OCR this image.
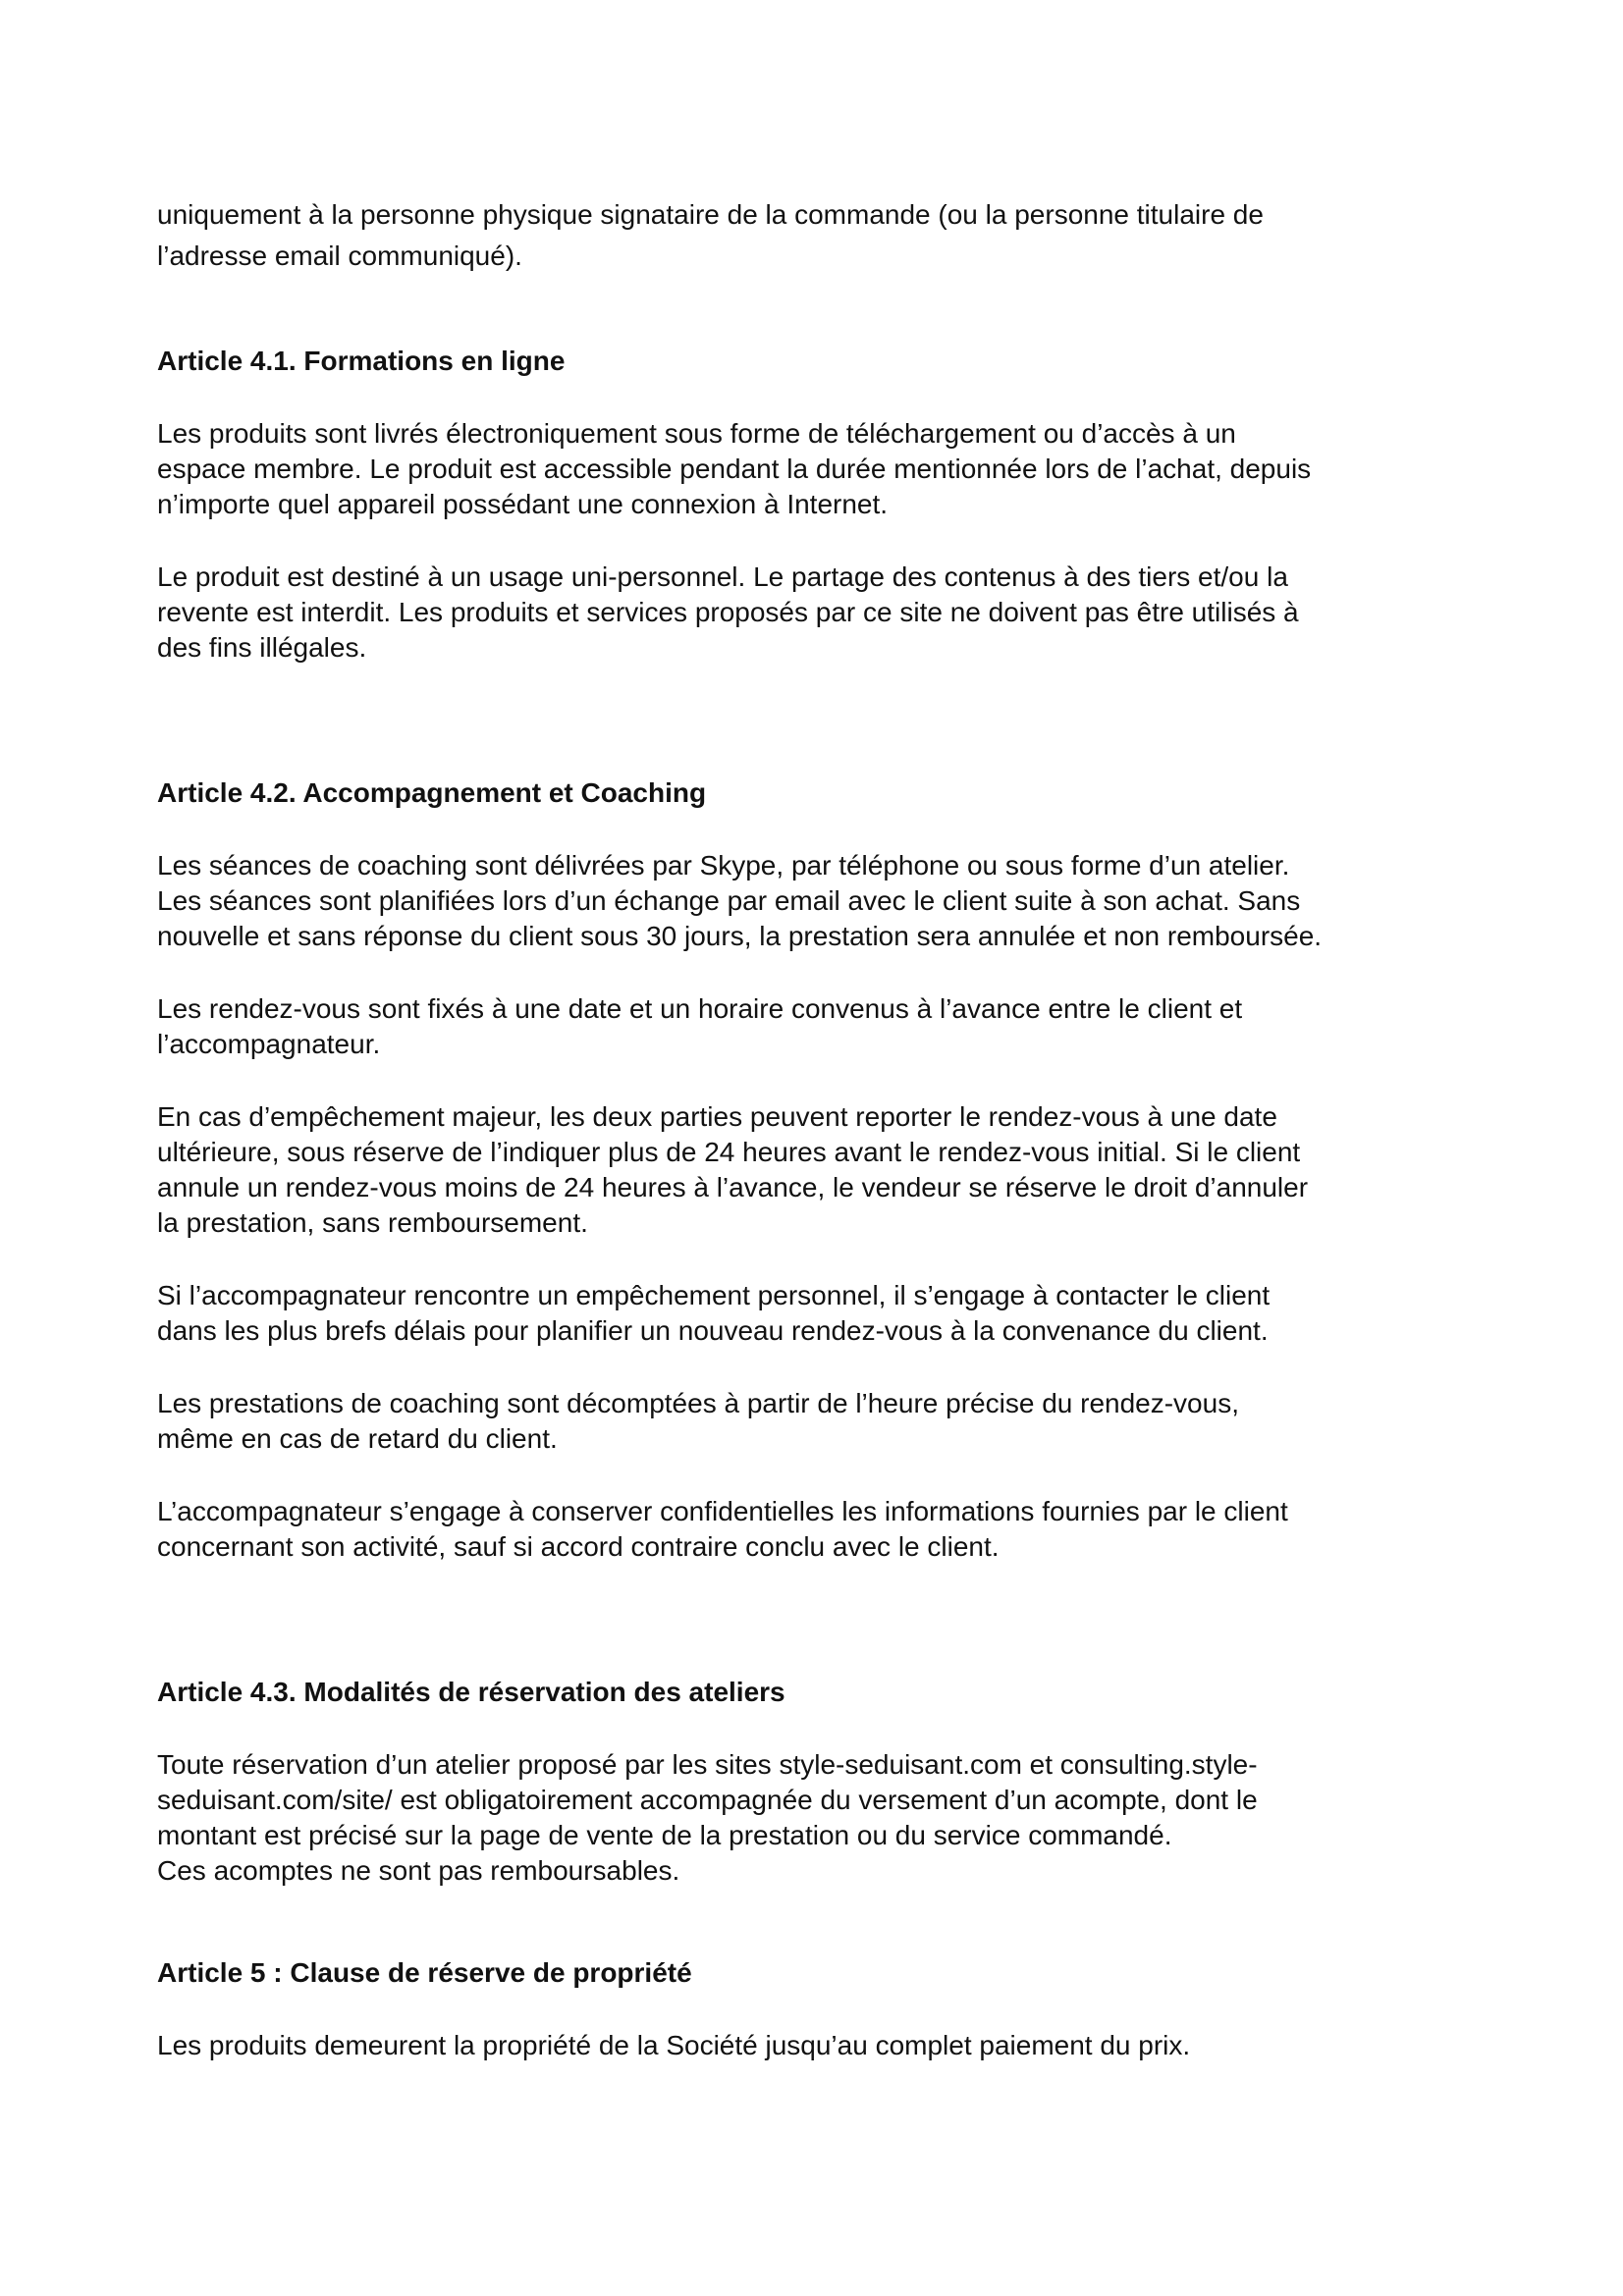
uniquement à la personne physique signataire de la commande (ou la personne titulaire de
l’adresse email communiqué).

Article 4.1. Formations en ligne

Les produits sont livrés électroniquement sous forme de téléchargement ou d’accès à un
espace membre. Le produit est accessible pendant la durée mentionnée lors de l’achat, depuis
n’importe quel appareil possédant une connexion à Internet.

Le produit est destiné à un usage uni-personnel. Le partage des contenus à des tiers et/ou la
revente est interdit. Les produits et services proposés par ce site ne doivent pas être utilisés à
des fins illégales.

Article 4.2. Accompagnement et Coaching

Les séances de coaching sont délivrées par Skype, par téléphone ou sous forme d’un atelier.
Les séances sont planifiées lors d’un échange par email avec le client suite à son achat. Sans
nouvelle et sans réponse du client sous 30 jours, la prestation sera annulée et non remboursée.

Les rendez-vous sont fixés à une date et un horaire convenus à l’avance entre le client et
l’accompagnateur.

En cas d’empêchement majeur, les deux parties peuvent reporter le rendez-vous à une date
ultérieure, sous réserve de l’indiquer plus de 24 heures avant le rendez-vous initial. Si le client
annule un rendez-vous moins de 24 heures à l’avance, le vendeur se réserve le droit d’annuler
la prestation, sans remboursement.

Si l’accompagnateur rencontre un empêchement personnel, il s’engage à contacter le client
dans les plus brefs délais pour planifier un nouveau rendez-vous à la convenance du client.

Les prestations de coaching sont décomptées à partir de l’heure précise du rendez-vous,
même en cas de retard du client.

L’accompagnateur s’engage à conserver confidentielles les informations fournies par le client
concernant son activité, sauf si accord contraire conclu avec le client.

Article 4.3. Modalités de réservation des ateliers

Toute réservation d’un atelier proposé par les sites style-seduisant.com et consulting.style-
seduisant.com/site/ est obligatoirement accompagnée du versement d’un acompte, dont le
montant est précisé sur la page de vente de la prestation ou du service commandé.
Ces acomptes ne sont pas remboursables.

Article 5 : Clause de réserve de propriété

Les produits demeurent la propriété de la Société jusqu’au complet paiement du prix.
